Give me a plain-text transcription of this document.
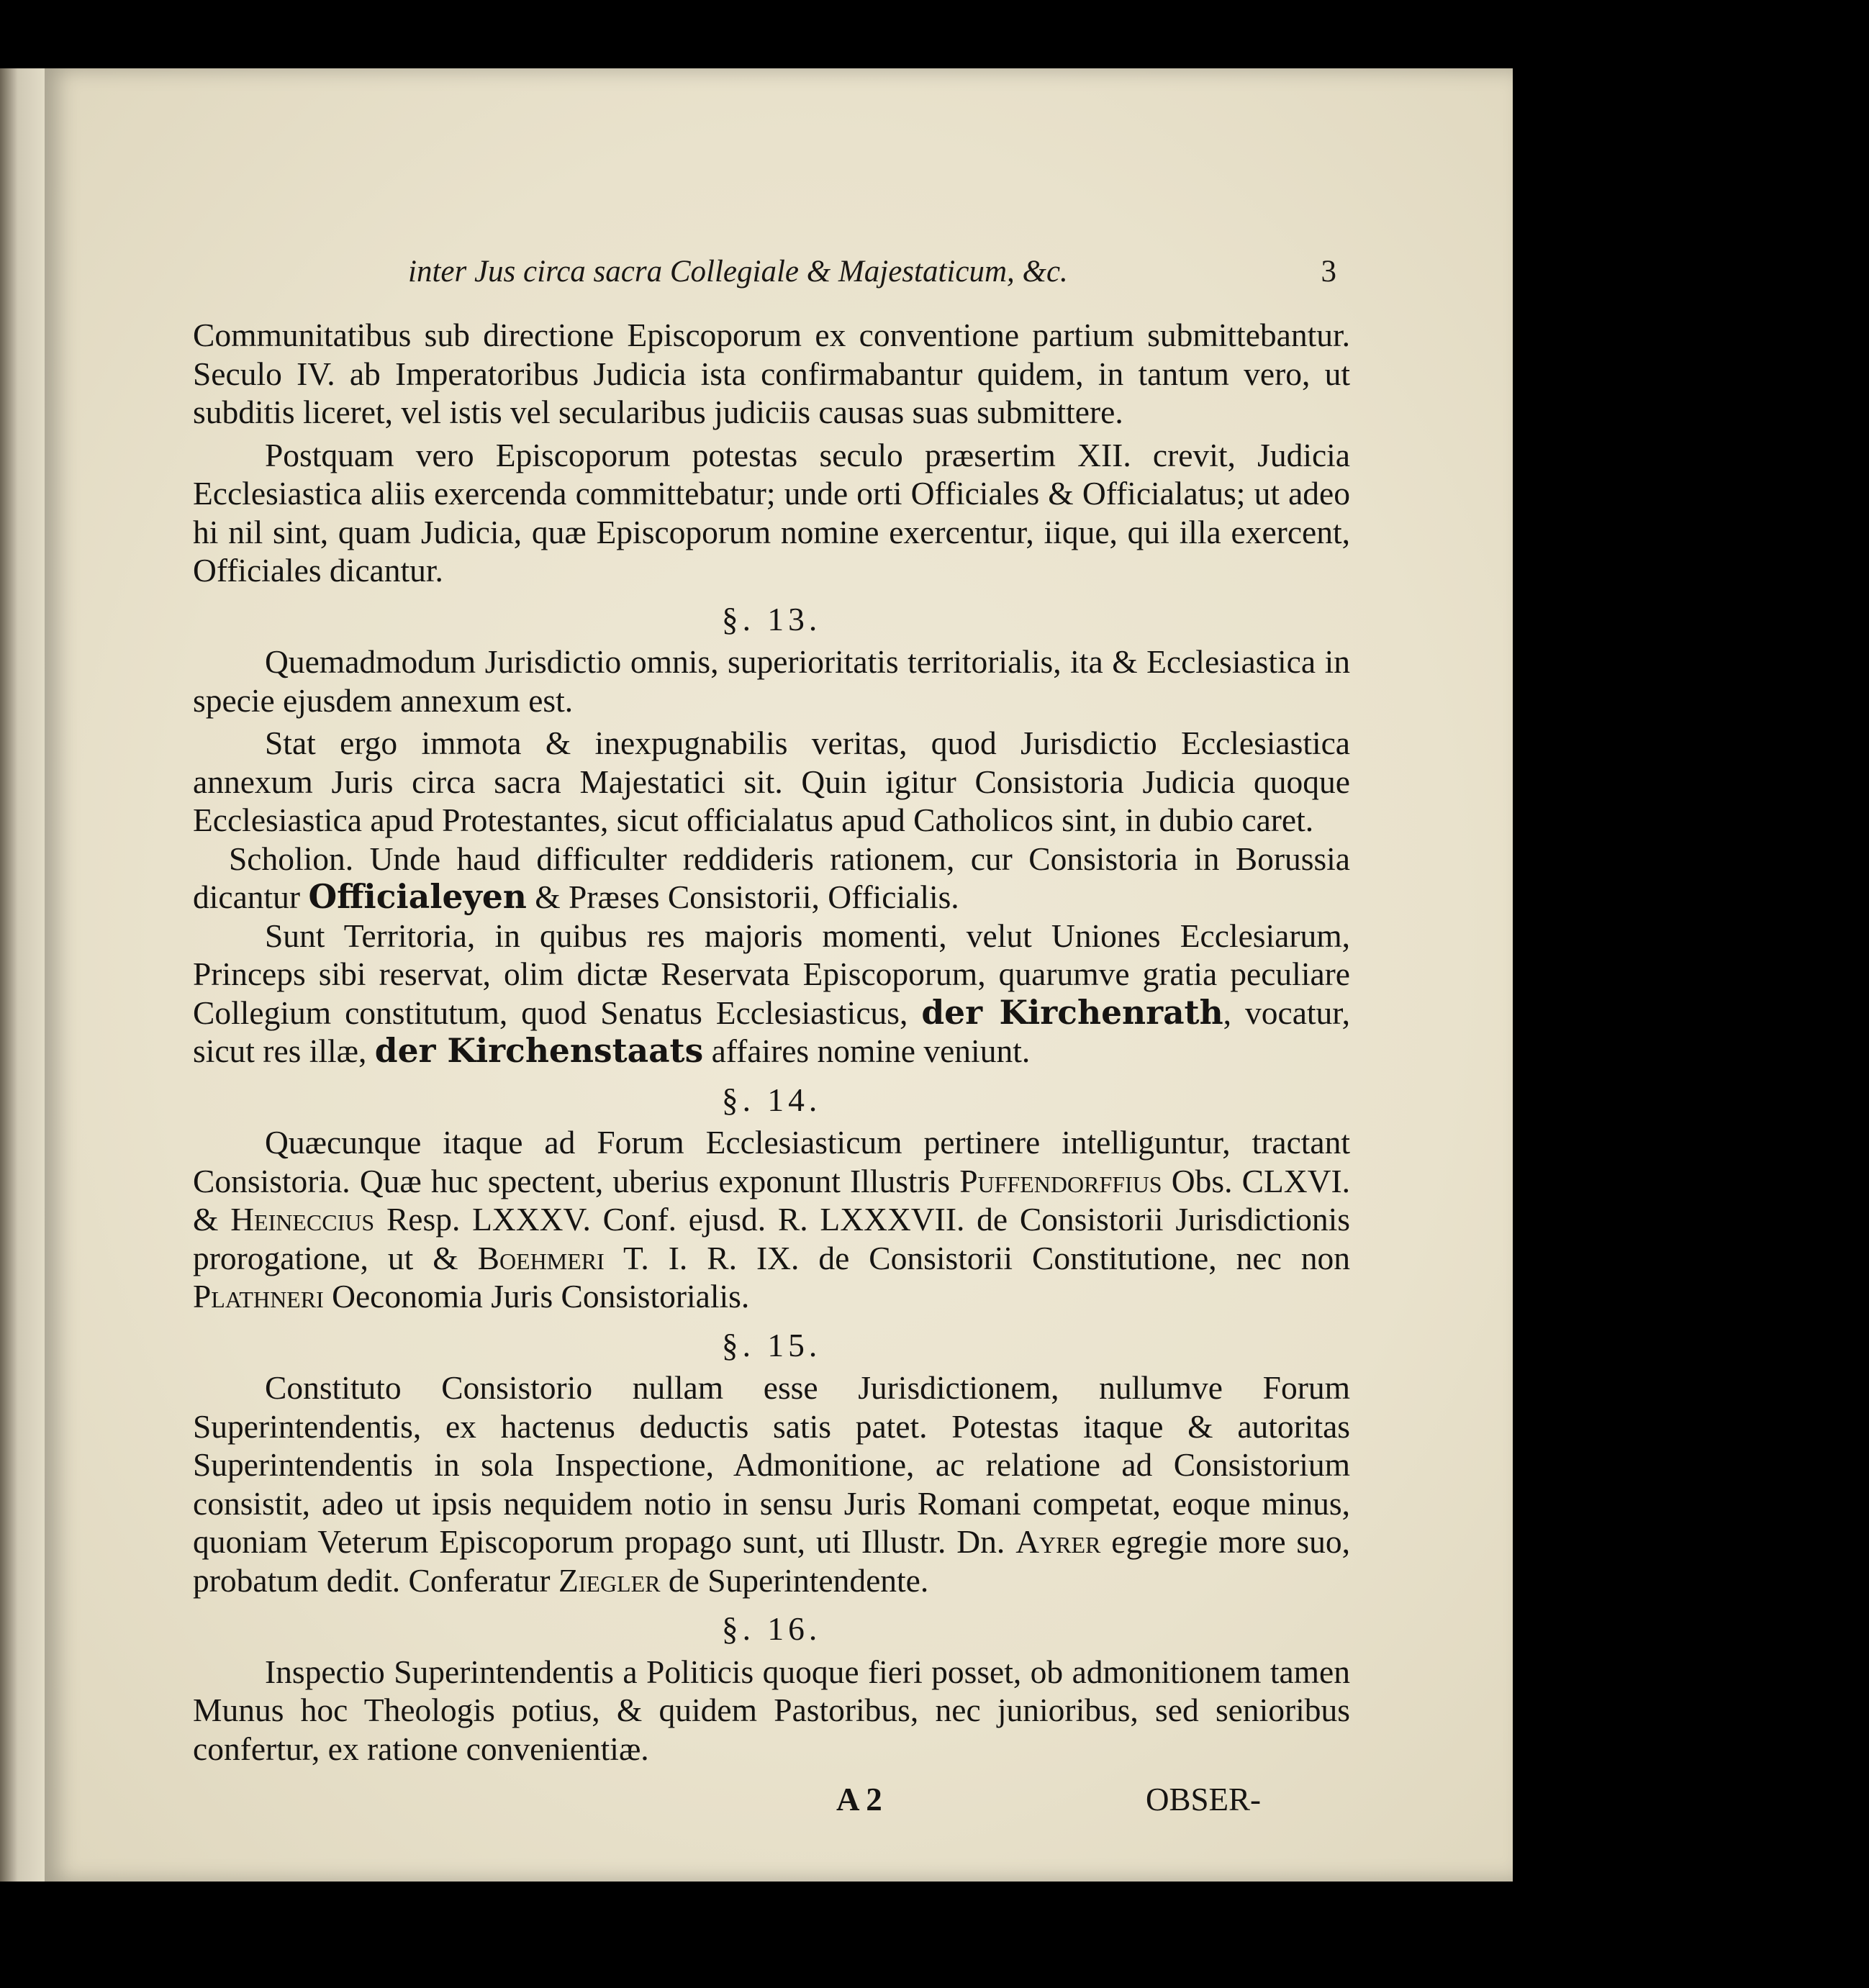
inter Jus circa sacra Collegiale & Majestaticum, &c.	3

Communitatibus sub directione Episcoporum ex conventione partium submittebantur. Seculo IV. ab Imperatoribus Judicia ista confirmabantur quidem, in tantum vero, ut subditis liceret, vel istis vel secularibus judiciis causas suas submittere.

Postquam vero Episcoporum potestas seculo præsertim XII. crevit, Judicia Ecclesiastica aliis exercenda committebatur; unde orti Officiales & Officialatus; ut adeo hi nil sint, quam Judicia, quæ Episcoporum nomine exercentur, iique, qui illa exercent, Officiales dicantur.

§. 13.

Quemadmodum Jurisdictio omnis, superioritatis territorialis, ita & Ecclesiastica in specie ejusdem annexum est.

Stat ergo immota & inexpugnabilis veritas, quod Jurisdictio Ecclesiastica annexum Juris circa sacra Majestatici sit. Quin igitur Consistoria Judicia quoque Ecclesiastica apud Protestantes, sicut officialatus apud Catholicos sint, in dubio caret.

Scholion. Unde haud difficulter reddideris rationem, cur Consistoria in Borussia dicantur Officialeyen & Præses Consistorii, Officialis.

Sunt Territoria, in quibus res majoris momenti, velut Uniones Ecclesiarum, Princeps sibi reservat, olim dictæ Reservata Episcoporum, quarumve gratia peculiare Collegium constitutum, quod Senatus Ecclesiasticus, der Kirchenrath, vocatur, sicut res illæ, der Kirchenstaats affaires nomine veniunt.

§. 14.

Quæcunque itaque ad Forum Ecclesiasticum pertinere intelliguntur, tractant Consistoria. Quæ huc spectent, uberius exponunt Illustris Puffendorffius Obs. CLXVI. & Heineccius Resp. LXXXV. Conf. ejusd. R. LXXXVII. de Consistorii Jurisdictionis prorogatione, ut & Boehmeri T. I. R. IX. de Consistorii Constitutione, nec non Plathneri Oeconomia Juris Consistorialis.

§. 15.

Constituto Consistorio nullam esse Jurisdictionem, nullumve Forum Superintendentis, ex hactenus deductis satis patet. Potestas itaque & autoritas Superintendentis in sola Inspectione, Admonitione, ac relatione ad Consistorium consistit, adeo ut ipsis nequidem notio in sensu Juris Romani competat, eoque minus, quoniam Veterum Episcoporum propago sunt, uti Illustr. Dn. Ayrer egregie more suo, probatum dedit. Conferatur Ziegler de Superintendente.

§. 16.

Inspectio Superintendentis a Politicis quoque fieri posset, ob admonitionem tamen Munus hoc Theologis potius, & quidem Pastoribus, nec junioribus, sed senioribus confertur, ex ratione convenientiæ.

A 2	OBSER-
